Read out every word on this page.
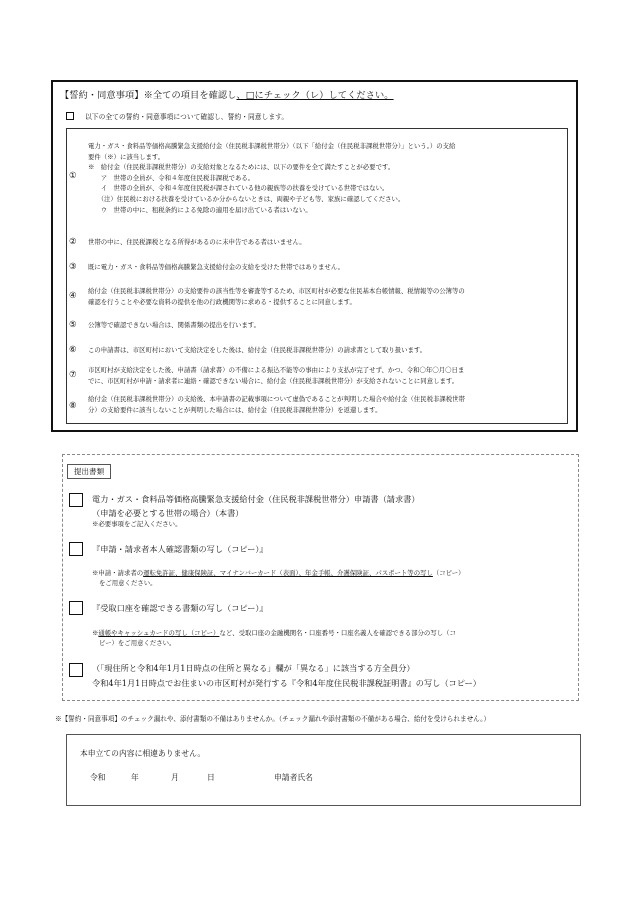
【誓約・同意事項】※全ての項目を確認し、□にチェック（レ）してください。
以下の全ての誓約・同意事項について確認し、誓約・同意します。
①
電力・ガス・食料品等価格高騰緊急支援給付金（住民税非課税世帯分）（以下「給付金（住民税非課税世帯分）」という。）の支給
要件（※）に該当します。
※　給付金（住民税非課税世帯分）の支給対象となるためには、以下の要件を全て満たすことが必要です。
　　ア　世帯の全員が、令和４年度住民税非課税である。
　　イ　世帯の全員が、令和４年度住民税が課されている他の親族等の扶養を受けている世帯ではない。
　　（注）住民税における扶養を受けているか分からないときは、両親や子ども等、家族に確認してください。
　　ウ　世帯の中に、租税条約による免除の適用を届け出ている者はいない。
② 世帯の中に、住民税課税となる所得があるのに未申告である者はいません。
③ 既に電力・ガス・食料品等価格高騰緊急支援給付金の支給を受けた世帯ではありません。
④ 給付金（住民税非課税世帯分）の支給要件の該当性等を審査等するため、市区町村が必要な住民基本台帳情報、税情報等の公簿等の
確認を行うことや必要な資料の提供を他の行政機関等に求める・提供することに同意します。
⑤ 公簿等で確認できない場合は、関係書類の提出を行います。
⑥ この申請書は、市区町村において支給決定をした後は、給付金（住民税非課税世帯分）の請求書として取り扱います。
⑦ 市区町村が支給決定をした後、申請書（請求書）の不備による振込不能等の事由により支払が完了せず、かつ、令和〇年〇月〇日ま
でに、市区町村が申請・請求者に連絡・確認できない場合に、給付金（住民税非課税世帯分）が支給されないことに同意します。
⑧
給付金（住民税非課税世帯分）の支給後、本申請書の記載事項について虚偽であることが判明した場合や給付金（住民税非課税世帯
分）の支給要件に該当しないことが判明した場合には、給付金（住民税非課税世帯分）を返還します。
提出書類
電力・ガス・食料品等価格高騰緊急支援給付金（住民税非課税世帯分）申請書（請求書）
（申請を必要とする世帯の場合）（本書）
※必要事項をご記入ください。
『申請・請求者本人確認書類の写し（コピー）』
※申請・請求者の運転免許証、健康保険証、マイナンバーカード（表面）、年金手帳、介護保険証、パスポート等の写し（コピー）
をご用意ください。
『受取口座を確認できる書類の写し（コピー）』
※通帳やキャッシュカードの写し（コピー）など、受取口座の金融機関名・口座番号・口座名義人を確認できる部分の写し（コ
ピー）をご用意ください。
（「現住所と令和4年1月1日時点の住所と異なる」欄が「異なる」に該当する方全員分）
令和4年1月1日時点でお住まいの市区町村が発行する『令和4年度住民税非課税証明書』の写し（コピー）
※【誓約・同意事項】のチェック漏れや、添付書類の不備はありませんか。（チェック漏れや添付書類の不備がある場合、給付を受けられません。）
本申立ての内容に相違ありません。
令和	年	月	日	申請者氏名
